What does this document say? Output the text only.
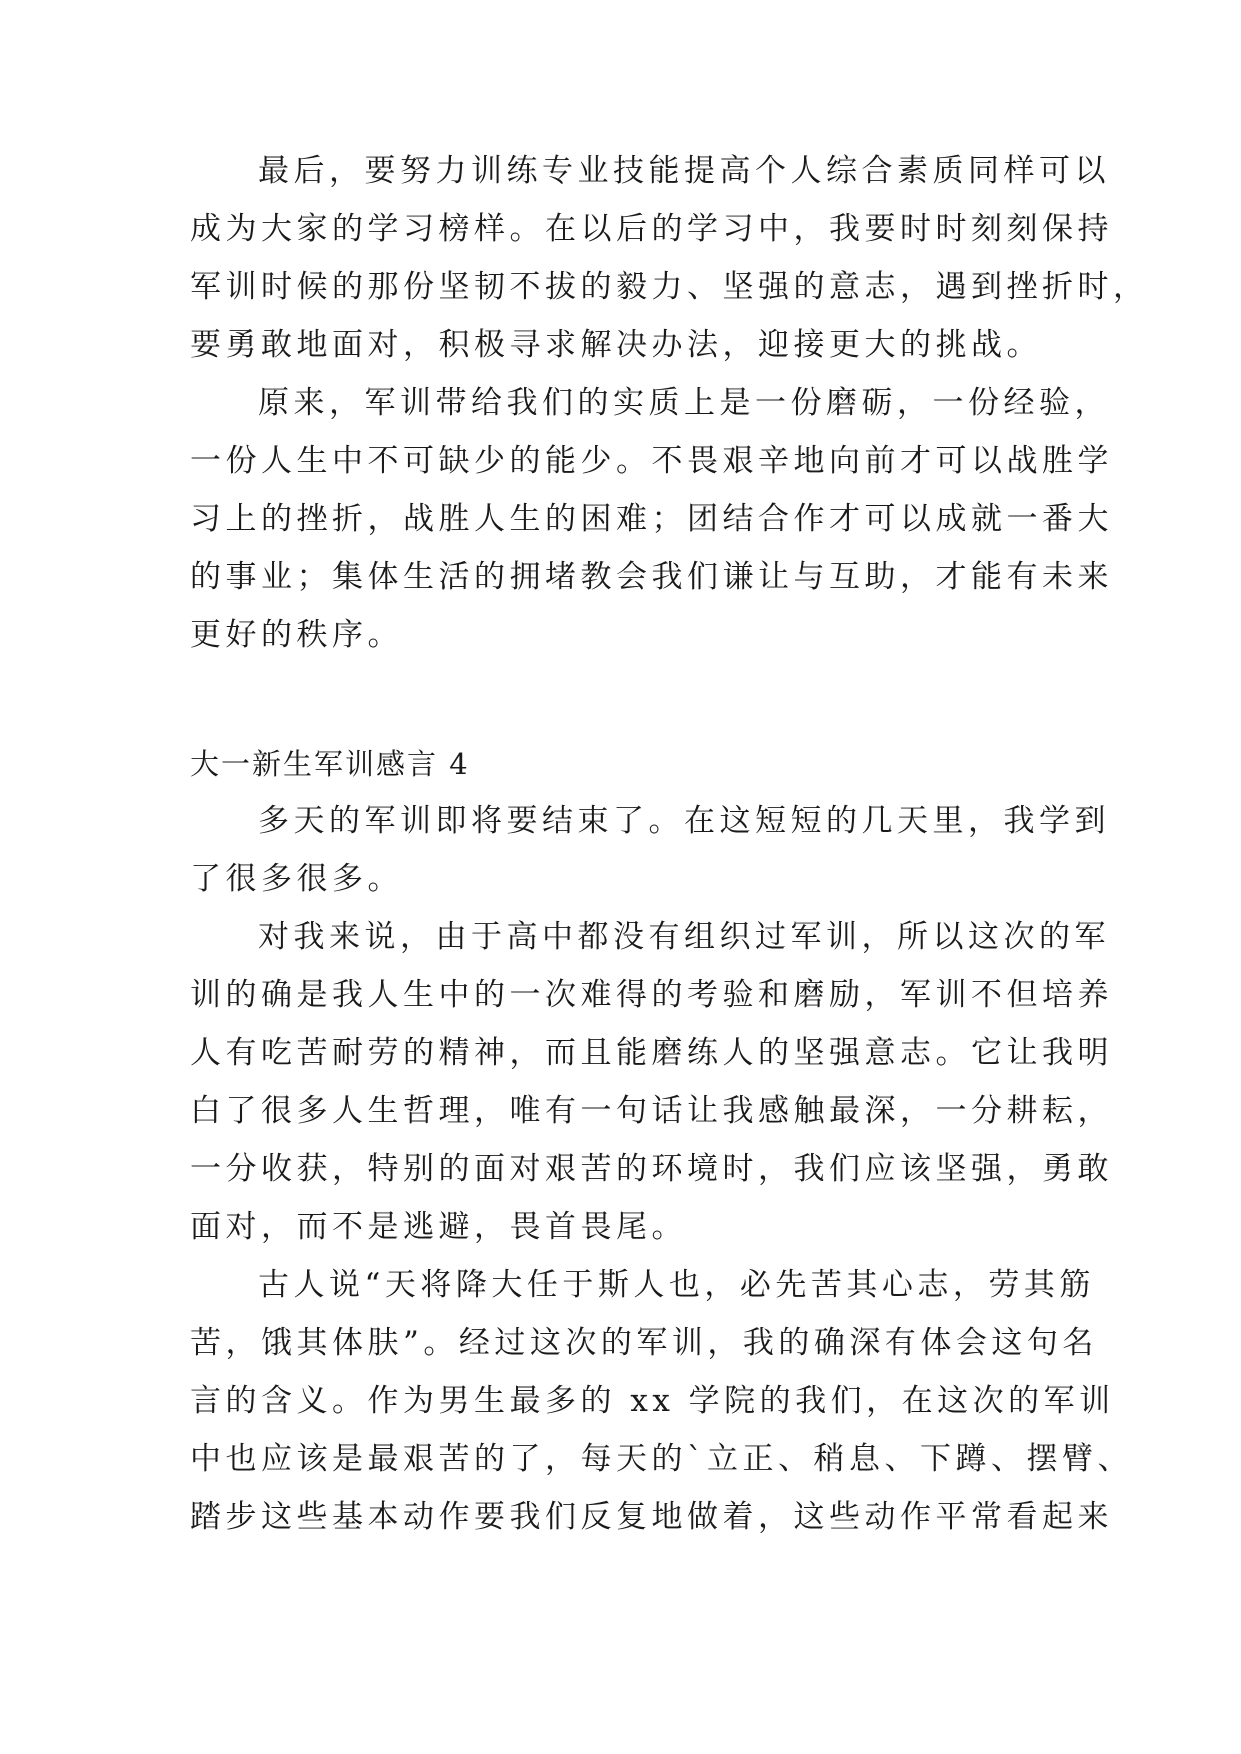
最后，要努力训练专业技能提高个人综合素质同样可以
成为大家的学习榜样。在以后的学习中，我要时时刻刻保持
军训时候的那份坚韧不拔的毅力、坚强的意志，遇到挫折时，
要勇敢地面对，积极寻求解决办法，迎接更大的挑战。
原来，军训带给我们的实质上是一份磨砺，一份经验，
一份人生中不可缺少的能少。不畏艰辛地向前才可以战胜学
习上的挫折，战胜人生的困难；团结合作才可以成就一番大
的事业；集体生活的拥堵教会我们谦让与互助，才能有未来
更好的秩序。
大一新生军训感言 4
多天的军训即将要结束了。在这短短的几天里，我学到
了很多很多。
对我来说，由于高中都没有组织过军训，所以这次的军
训的确是我人生中的一次难得的考验和磨励，军训不但培养
人有吃苦耐劳的精神，而且能磨练人的坚强意志。它让我明
白了很多人生哲理，唯有一句话让我感触最深，一分耕耘，
一分收获，特别的面对艰苦的环境时，我们应该坚强，勇敢
面对，而不是逃避，畏首畏尾。
古人说“天将降大任于斯人也，必先苦其心志，劳其筋
苦，饿其体肤”。经过这次的军训，我的确深有体会这句名
言的含义。作为男生最多的 xx 学院的我们，在这次的军训
中也应该是最艰苦的了，每天的`立正、稍息、下蹲、摆臂、
踏步这些基本动作要我们反复地做着，这些动作平常看起来
